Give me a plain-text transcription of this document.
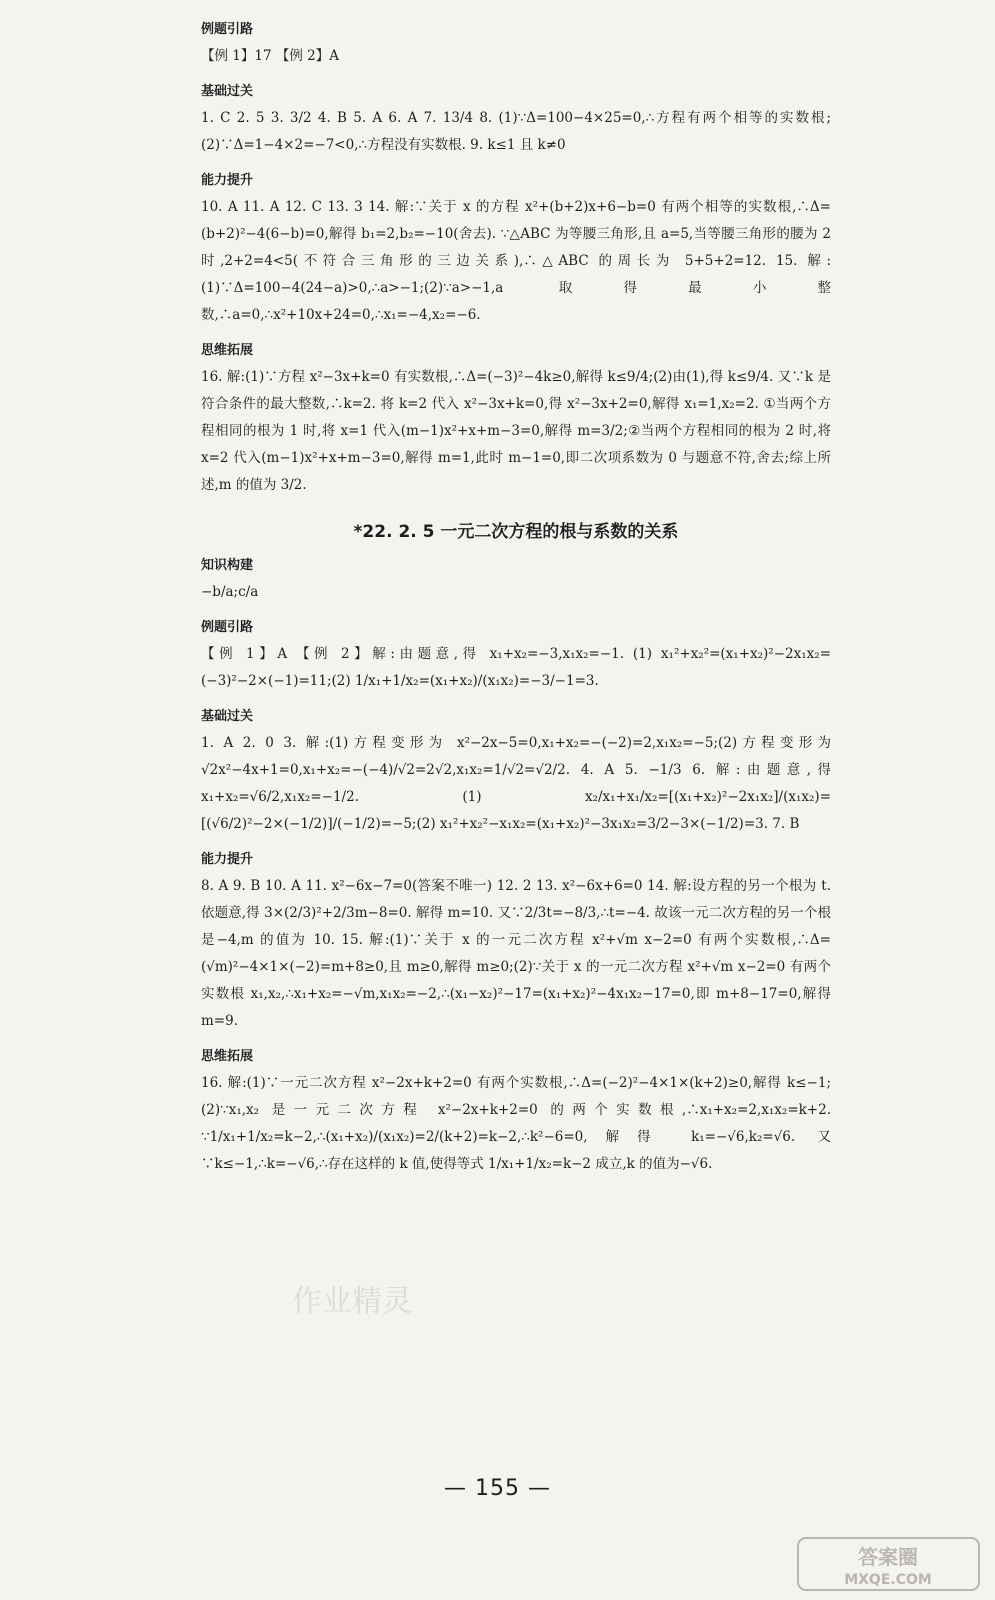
例题引路

【例 1】17 【例 2】A

基础过关

1. C 2. 5 3. 3/2 4. B 5. A 6. A 7. 13/4 8. (1)∵Δ=100−4×25=0,∴方程有两个相等的实数根;(2)∵Δ=1−4×2=−7<0,∴方程没有实数根. 9. k≤1 且 k≠0

能力提升

10. A 11. A 12. C 13. 3 14. 解:∵关于 x 的方程 x²+(b+2)x+6−b=0 有两个相等的实数根,∴Δ=(b+2)²−4(6−b)=0,解得 b₁=2,b₂=−10(舍去). ∵△ABC 为等腰三角形,且 a=5,当等腰三角形的腰为 2 时,2+2=4<5(不符合三角形的三边关系),∴△ABC 的周长为 5+5+2=12. 15. 解:(1)∵Δ=100−4(24−a)>0,∴a>−1;(2)∵a>−1,a 取得最小整数,∴a=0,∴x²+10x+24=0,∴x₁=−4,x₂=−6.

思维拓展

16. 解:(1)∵方程 x²−3x+k=0 有实数根,∴Δ=(−3)²−4k≥0,解得 k≤9/4;(2)由(1),得 k≤9/4. 又∵k 是符合条件的最大整数,∴k=2. 将 k=2 代入 x²−3x+k=0,得 x²−3x+2=0,解得 x₁=1,x₂=2. ①当两个方程相同的根为 1 时,将 x=1 代入(m−1)x²+x+m−3=0,解得 m=3/2;②当两个方程相同的根为 2 时,将 x=2 代入(m−1)x²+x+m−3=0,解得 m=1,此时 m−1=0,即二次项系数为 0 与题意不符,舍去;综上所述,m 的值为 3/2.

*22. 2. 5 一元二次方程的根与系数的关系
知识构建

−b/a;c/a

例题引路

【例 1】A 【例 2】解:由题意,得 x₁+x₂=−3,x₁x₂=−1. (1) x₁²+x₂²=(x₁+x₂)²−2x₁x₂=(−3)²−2×(−1)=11;(2) 1/x₁+1/x₂=(x₁+x₂)/(x₁x₂)=−3/−1=3.

基础过关

1. A 2. 0 3. 解:(1)方程变形为 x²−2x−5=0,x₁+x₂=−(−2)=2,x₁x₂=−5;(2)方程变形为 √2x²−4x+1=0,x₁+x₂=−(−4)/√2=2√2,x₁x₂=1/√2=√2/2. 4. A 5. −1/3 6. 解:由题意,得 x₁+x₂=√6/2,x₁x₂=−1/2. (1) x₂/x₁+x₁/x₂=[(x₁+x₂)²−2x₁x₂]/(x₁x₂)=[(√6/2)²−2×(−1/2)]/(−1/2)=−5;(2) x₁²+x₂²−x₁x₂=(x₁+x₂)²−3x₁x₂=3/2−3×(−1/2)=3. 7. B

能力提升

8. A 9. B 10. A 11. x²−6x−7=0(答案不唯一) 12. 2 13. x²−6x+6=0 14. 解:设方程的另一个根为 t. 依题意,得 3×(2/3)²+2/3m−8=0. 解得 m=10. 又∵2/3t=−8/3,∴t=−4. 故该一元二次方程的另一个根是−4,m 的值为 10. 15. 解:(1)∵关于 x 的一元二次方程 x²+√m x−2=0 有两个实数根,∴Δ=(√m)²−4×1×(−2)=m+8≥0,且 m≥0,解得 m≥0;(2)∵关于 x 的一元二次方程 x²+√m x−2=0 有两个实数根 x₁,x₂,∴x₁+x₂=−√m,x₁x₂=−2,∴(x₁−x₂)²−17=(x₁+x₂)²−4x₁x₂−17=0,即 m+8−17=0,解得 m=9.

思维拓展

16. 解:(1)∵一元二次方程 x²−2x+k+2=0 有两个实数根,∴Δ=(−2)²−4×1×(k+2)≥0,解得 k≤−1;(2)∵x₁,x₂ 是一元二次方程 x²−2x+k+2=0 的两个实数根,∴x₁+x₂=2,x₁x₂=k+2. ∵1/x₁+1/x₂=k−2,∴(x₁+x₂)/(x₁x₂)=2/(k+2)=k−2,∴k²−6=0,解得 k₁=−√6,k₂=√6. 又∵k≤−1,∴k=−√6,∴存在这样的 k 值,使得等式 1/x₁+1/x₂=k−2 成立,k 的值为−√6.

作业精灵
— 155 —
答案圈
MXQE.COM
